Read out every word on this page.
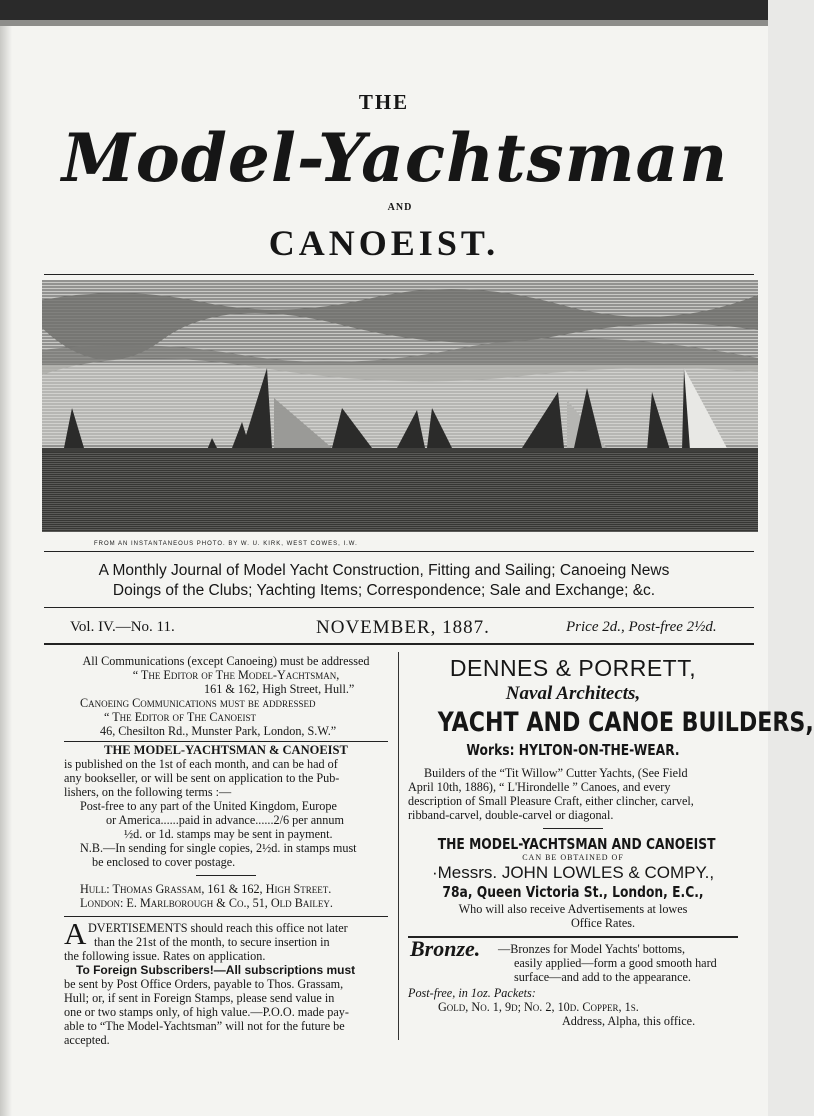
THE
Model-Yachtsman
AND
CANOEIST.
FROM AN INSTANTANEOUS PHOTO. BY W. U. KIRK, WEST COWES, I.W.
A Monthly Journal of Model Yacht Construction, Fitting and Sailing; Canoeing News
Doings of the Clubs; Yachting Items; Correspondence; Sale and Exchange; &c.
Vol. IV.—No. 11.	NOVEMBER, 1887.	Price 2d., Post-free 2½d.
All Communications (except Canoeing) must be addressed
“ The Editor of The Model-Yachtsman,
161 & 162, High Street, Hull.”
Canoeing Communications must be addressed
“ The Editor of The Canoeist
46, Chesilton Rd., Munster Park, London, S.W.”
THE MODEL-YACHTSMAN & CANOEIST
is published on the 1st of each month, and can be had of
any bookseller, or will be sent on application to the Pub-
lishers, on the following terms :—
Post-free to any part of the United Kingdom, Europe
or America......paid in advance......2/6 per annum
½d. or 1d. stamps may be sent in payment.
N.B.—In sending for single copies, 2½d. in stamps must
be enclosed to cover postage.
Hull: Thomas Grassam, 161 & 162, High Street.
London: E. Marlborough & Co., 51, Old Bailey.
A DVERTISEMENTS should reach this office not later
than the 21st of the month, to secure insertion in
the following issue. Rates on application.
To Foreign Subscribers!—All subscriptions must
be sent by Post Office Orders, payable to Thos. Grassam,
Hull; or, if sent in Foreign Stamps, please send value in
one or two stamps only, of high value.—P.O.O. made pay-
able to “The Model-Yachtsman” will not for the future be
accepted.
DENNES & PORRETT,
Naval Architects,
YACHT AND CANOE BUILDERS,
Works: HYLTON-ON-THE-WEAR.
Builders of the “Tit Willow” Cutter Yachts, (See Field
April 10th, 1886), “ L'Hirondelle ” Canoes, and every
description of Small Pleasure Craft, either clincher, carvel,
ribband-carvel, double-carvel or diagonal.
THE MODEL-YACHTSMAN AND CANOEIST
CAN BE OBTAINED OF
·Messrs. JOHN LOWLES & COMPY.,
78a, Queen Victoria St., London, E.C.,
Who will also receive Advertisements at lowes
Office Rates.
Bronze. —Bronzes for Model Yachts' bottoms,
easily applied—form a good smooth hard
surface—and add to the appearance.
Post-free, in 1oz. Packets:
Gold, No. 1, 9d; No. 2, 10d. Copper, 1s.
Address, Alpha, this office.
